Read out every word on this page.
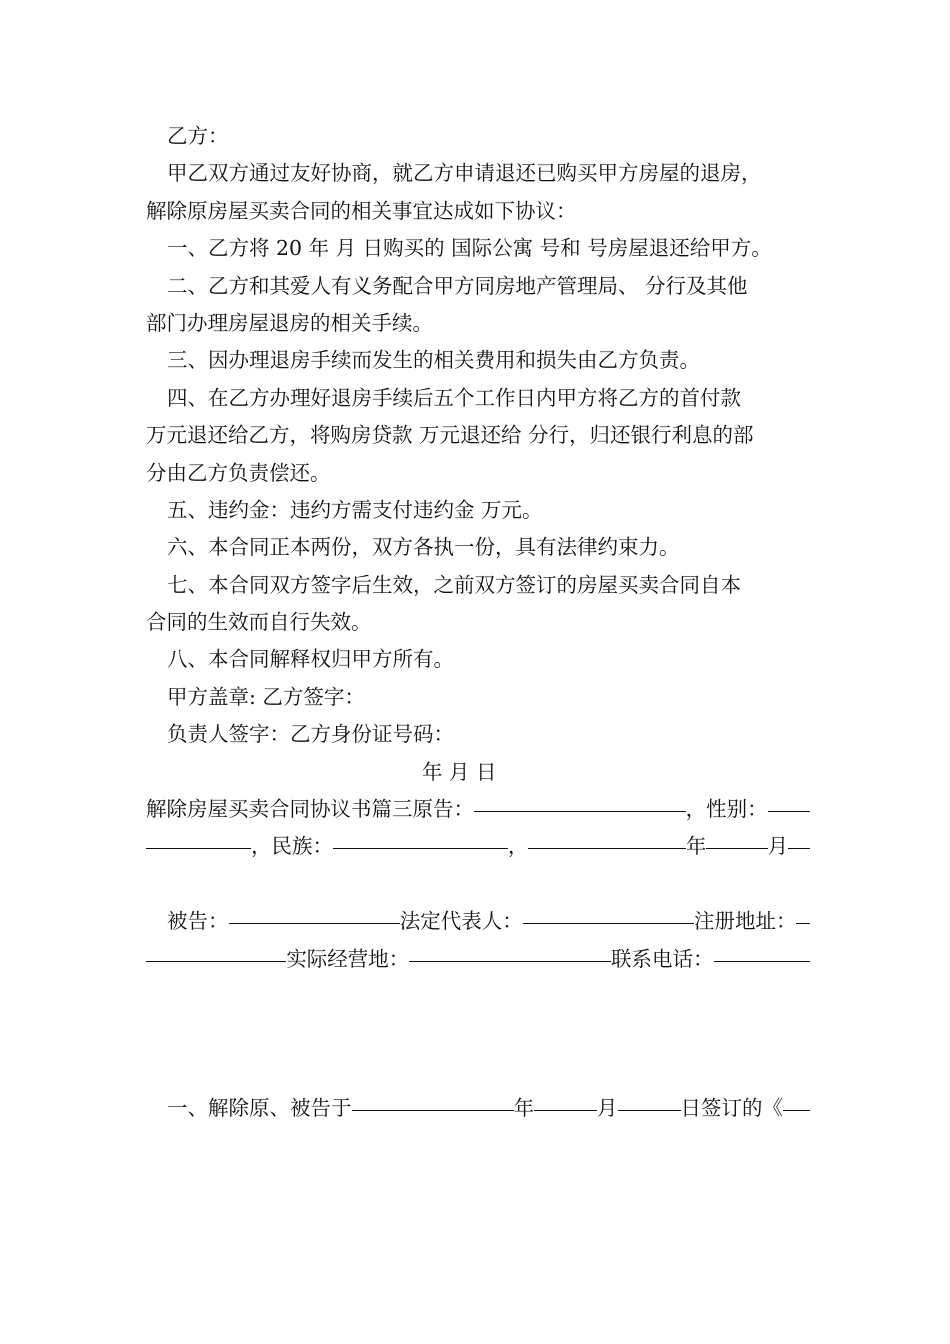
乙方：
甲乙双方通过友好协商，就乙方申请退还已购买甲方房屋的退房，
解除原房屋买卖合同的相关事宜达成如下协议：
一、乙方将 20 年 月 日购买的 国际公寓 号和 号房屋退还给甲方。
二、乙方和其爱人有义务配合甲方同房地产管理局、 分行及其他
部门办理房屋退房的相关手续。
三、因办理退房手续而发生的相关费用和损失由乙方负责。
四、在乙方办理好退房手续后五个工作日内甲方将乙方的首付款
万元退还给乙方，将购房贷款 万元退还给 分行，归还银行利息的部
分由乙方负责偿还。
五、违约金：违约方需支付违约金 万元。
六、本合同正本两份，双方各执一份，具有法律约束力。
七、本合同双方签字后生效，之前双方签订的房屋买卖合同自本
合同的生效而自行失效。
八、本合同解释权归甲方所有。
甲方盖章: 乙方签字：
负责人签字：乙方身份证号码：

年 月 日

解除房屋买卖合同协议书篇三 原告：	，性别：
，民族：	，	年	月

被告：	法定代表人：	注册地址：
实际经营地：	联系电话：

一、解除原、被告于	年	月	日签订的《
